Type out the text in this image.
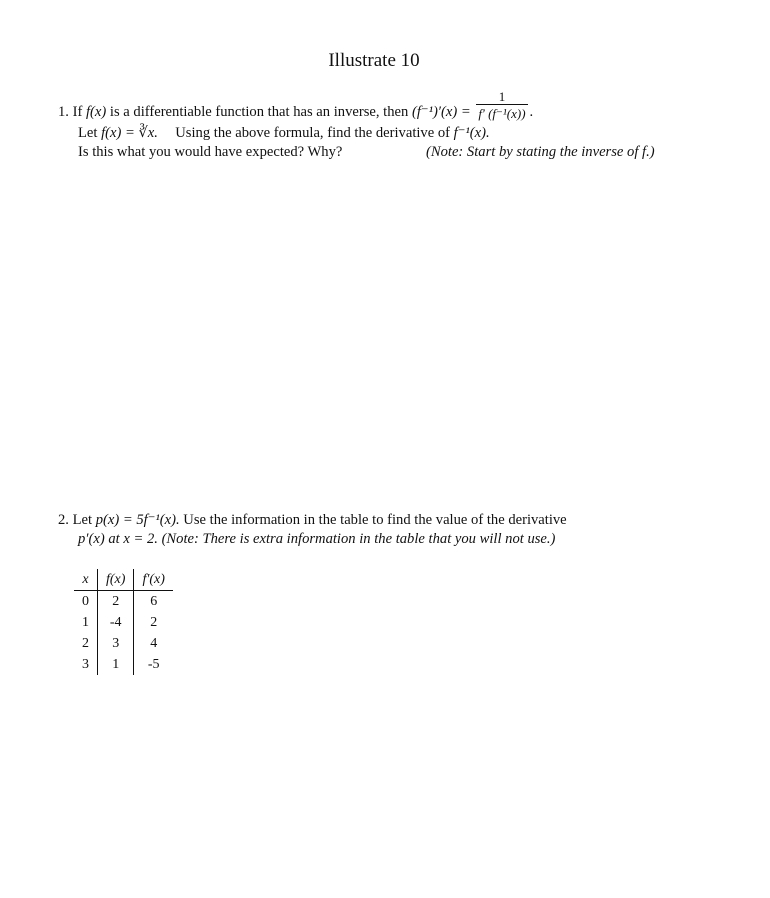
Illustrate 10
1. If f(x) is a differentiable function that has an inverse, then $(f^{-1})'(x) = \frac{1}{\text{f′ (f⁻¹(x))}}$ .
Let f(x) = ∛x. Using the above formula, find the derivative of f⁻¹(x).
Is this what you would have expected? Why?	(Note: Start by stating the inverse of f.)
2. Let p(x) = 5f⁻¹(x). Use the information in the table to find the value of the derivative
p′(x) at x = 2. (Note: There is extra information in the table that you will not use.)
x	f(x)	f′(x)
0	2	6
1	-4	2
2	3	4
3	1	-5
